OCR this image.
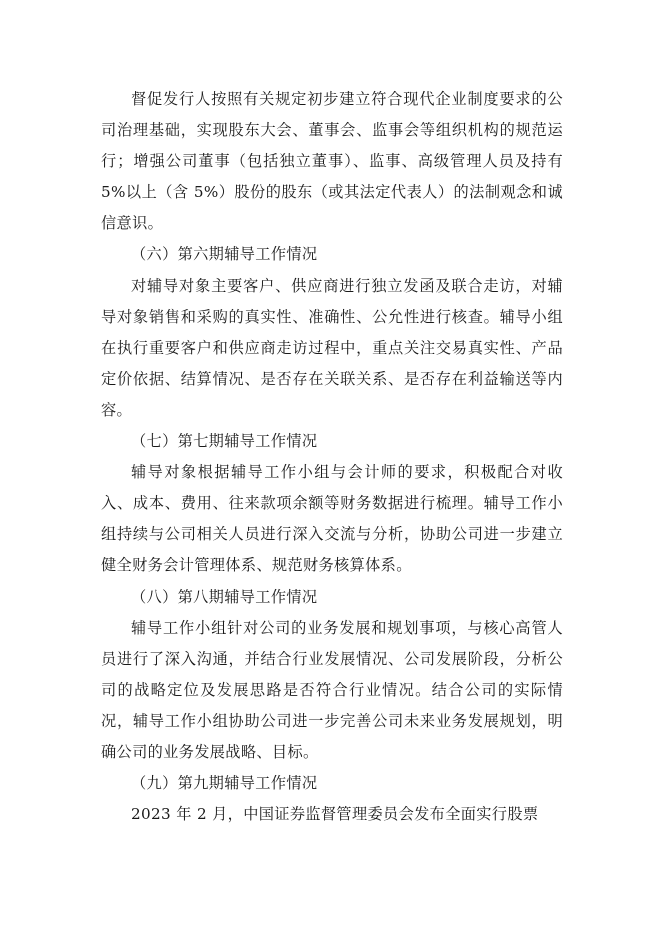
督促发行人按照有关规定初步建立符合现代企业制度要求的公司治理基础，实现股东大会、董事会、监事会等组织机构的规范运行；增强公司董事（包括独立董事）、监事、高级管理人员及持有 5%以上（含 5%）股份的股东（或其法定代表人）的法制观念和诚信意识。

（六）第六期辅导工作情况

对辅导对象主要客户、供应商进行独立发函及联合走访，对辅导对象销售和采购的真实性、准确性、公允性进行核查。辅导小组在执行重要客户和供应商走访过程中，重点关注交易真实性、产品定价依据、结算情况、是否存在关联关系、是否存在利益输送等内容。

（七）第七期辅导工作情况

辅导对象根据辅导工作小组与会计师的要求，积极配合对收入、成本、费用、往来款项余额等财务数据进行梳理。辅导工作小组持续与公司相关人员进行深入交流与分析，协助公司进一步建立健全财务会计管理体系、规范财务核算体系。

（八）第八期辅导工作情况

辅导工作小组针对公司的业务发展和规划事项，与核心高管人员进行了深入沟通，并结合行业发展情况、公司发展阶段，分析公司的战略定位及发展思路是否符合行业情况。结合公司的实际情况，辅导工作小组协助公司进一步完善公司未来业务发展规划，明确公司的业务发展战略、目标。

（九）第九期辅导工作情况

2023 年 2 月，中国证券监督管理委员会发布全面实行股票
